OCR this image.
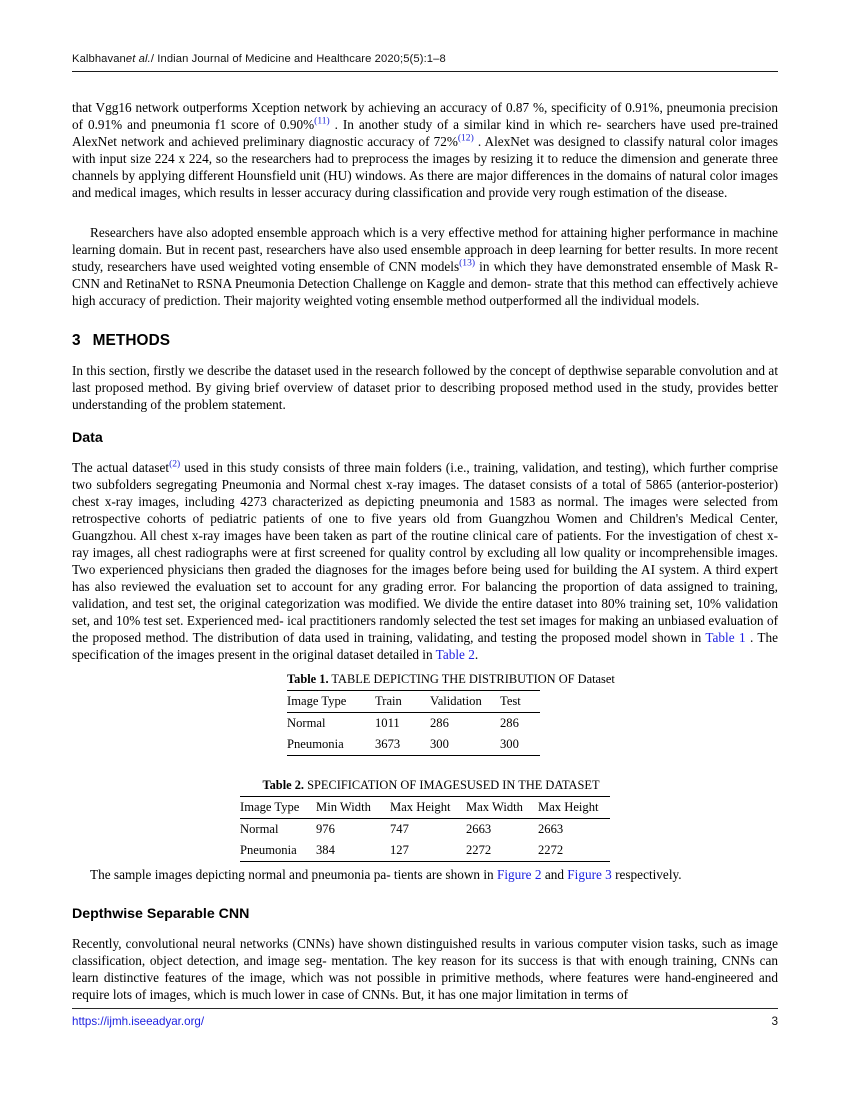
Kalbhavanet al./ Indian Journal of Medicine and Healthcare 2020;5(5):1–8

that Vgg16 network outperforms Xception network by achieving an accuracy of 0.87 %, specificity of 0.91%, pneumonia precision of 0.91% and pneumonia f1 score of 0.90%$^{(11)}$ . In another study of a similar kind in which re- searchers have used pre-trained AlexNet network and achieved preliminary diagnostic accuracy of 72%$^{(12)}$ . AlexNet was designed to classify natural color images with input size 224 x 224, so the researchers had to preprocess the images by resizing it to reduce the dimension and generate three channels by applying different Hounsfield unit (HU) windows. As there are major differences in the domains of natural color images and medical images, which results in lesser accuracy during classification and provide very rough estimation of the disease.

Researchers have also adopted ensemble approach which is a very effective method for attaining higher performance in machine learning domain. But in recent past, researchers have also used ensemble approach in deep learning for better results. In more recent study, researchers have used weighted voting ensemble of CNN models$^{(13)}$ in which they have demonstrated ensemble of Mask R-CNN and RetinaNet to RSNA Pneumonia Detection Challenge on Kaggle and demon- strate that this method can effectively achieve high accuracy of prediction. Their majority weighted voting ensemble method outperformed all the individual models.

3 METHODS

In this section, firstly we describe the dataset used in the research followed by the concept of depthwise separable convolution and at last proposed method. By giving brief overview of dataset prior to describing proposed method used in the study, provides better understanding of the problem statement.

Data

The actual dataset$^{(2)}$ used in this study consists of three main folders (i.e., training, validation, and testing), which further comprise two subfolders segregating Pneumonia and Normal chest x-ray images. The dataset consists of a total of 5865 (anterior-posterior) chest x-ray images, including 4273 characterized as depicting pneumonia and 1583 as normal. The images were selected from retrospective cohorts of pediatric patients of one to five years old from Guangzhou Women and Children's Medical Center, Guangzhou. All chest x-ray images have been taken as part of the routine clinical care of patients. For the investigation of chest x-ray images, all chest radiographs were at first screened for quality control by excluding all low quality or incomprehensible images. Two experienced physicians then graded the diagnoses for the images before being used for building the AI system. A third expert has also reviewed the evaluation set to account for any grading error. For balancing the proportion of data assigned to training, validation, and test set, the original categorization was modified. We divide the entire dataset into 80% training set, 10% validation set, and 10% test set. Experienced med- ical practitioners randomly selected the test set images for making an unbiased evaluation of the proposed method. The distribution of data used in training, validating, and testing the proposed model shown in Table 1 . The specification of the images present in the original dataset detailed in Table 2.

Table 1. TABLE DEPICTING THE DISTRIBUTION OF Dataset
Image Type	Train	Validation	Test
Normal	1011	286	286
Pneumonia	3673	300	300
Table 2. SPECIFICATION OF IMAGESUSED IN THE DATASET
Image Type	Min Width	Max Height	Max Width	Max Height
Normal	976	747	2663	2663
Pneumonia	384	127	2272	2272

The sample images depicting normal and pneumonia pa- tients are shown in Figure 2 and Figure 3 respectively.

Depthwise Separable CNN

Recently, convolutional neural networks (CNNs) have shown distinguished results in various computer vision tasks, such as image classification, object detection, and image seg- mentation. The key reason for its success is that with enough training, CNNs can learn distinctive features of the image, which was not possible in primitive methods, where features were hand-engineered and require lots of images, which is much lower in case of CNNs. But, it has one major limitation in terms of

https://ijmh.iseeadyar.org/	3
